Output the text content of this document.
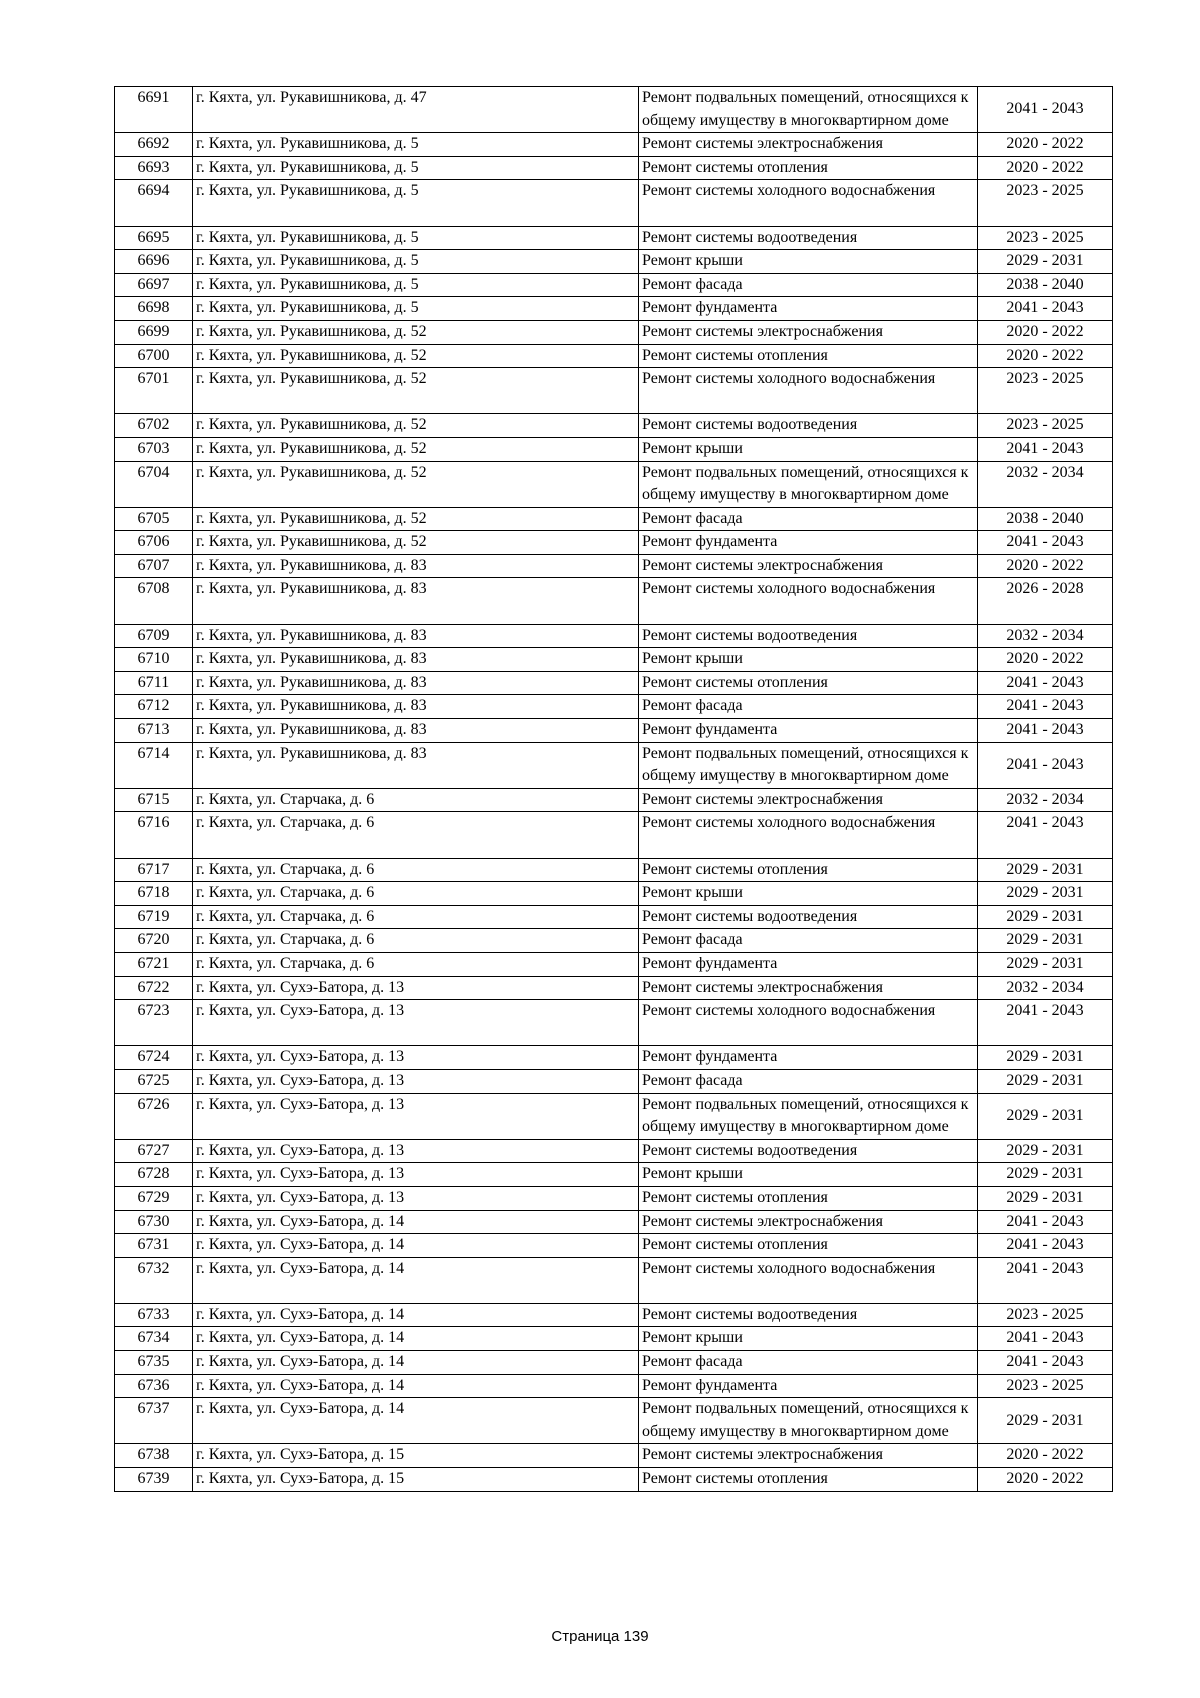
6691	г. Кяхта, ул. Рукавишникова, д. 47	Ремонт подвальных помещений, относящихся к общему имуществу в многоквартирном доме	2041 - 2043
6692	г. Кяхта, ул. Рукавишникова, д. 5	Ремонт системы электроснабжения	2020 - 2022
6693	г. Кяхта, ул. Рукавишникова, д. 5	Ремонт системы отопления	2020 - 2022
6694	г. Кяхта, ул. Рукавишникова, д. 5	Ремонт системы холодного водоснабжения	2023 - 2025
6695	г. Кяхта, ул. Рукавишникова, д. 5	Ремонт системы водоотведения	2023 - 2025
6696	г. Кяхта, ул. Рукавишникова, д. 5	Ремонт крыши	2029 - 2031
6697	г. Кяхта, ул. Рукавишникова, д. 5	Ремонт фасада	2038 - 2040
6698	г. Кяхта, ул. Рукавишникова, д. 5	Ремонт фундамента	2041 - 2043
6699	г. Кяхта, ул. Рукавишникова, д. 52	Ремонт системы электроснабжения	2020 - 2022
6700	г. Кяхта, ул. Рукавишникова, д. 52	Ремонт системы отопления	2020 - 2022
6701	г. Кяхта, ул. Рукавишникова, д. 52	Ремонт системы холодного водоснабжения	2023 - 2025
6702	г. Кяхта, ул. Рукавишникова, д. 52	Ремонт системы водоотведения	2023 - 2025
6703	г. Кяхта, ул. Рукавишникова, д. 52	Ремонт крыши	2041 - 2043
6704	г. Кяхта, ул. Рукавишникова, д. 52	Ремонт подвальных помещений, относящихся к общему имуществу в многоквартирном доме	2032 - 2034
6705	г. Кяхта, ул. Рукавишникова, д. 52	Ремонт фасада	2038 - 2040
6706	г. Кяхта, ул. Рукавишникова, д. 52	Ремонт фундамента	2041 - 2043
6707	г. Кяхта, ул. Рукавишникова, д. 83	Ремонт системы электроснабжения	2020 - 2022
6708	г. Кяхта, ул. Рукавишникова, д. 83	Ремонт системы холодного водоснабжения	2026 - 2028
6709	г. Кяхта, ул. Рукавишникова, д. 83	Ремонт системы водоотведения	2032 - 2034
6710	г. Кяхта, ул. Рукавишникова, д. 83	Ремонт крыши	2020 - 2022
6711	г. Кяхта, ул. Рукавишникова, д. 83	Ремонт системы отопления	2041 - 2043
6712	г. Кяхта, ул. Рукавишникова, д. 83	Ремонт фасада	2041 - 2043
6713	г. Кяхта, ул. Рукавишникова, д. 83	Ремонт фундамента	2041 - 2043
6714	г. Кяхта, ул. Рукавишникова, д. 83	Ремонт подвальных помещений, относящихся к общему имуществу в многоквартирном доме	2041 - 2043
6715	г. Кяхта, ул. Старчака, д. 6	Ремонт системы электроснабжения	2032 - 2034
6716	г. Кяхта, ул. Старчака, д. 6	Ремонт системы холодного водоснабжения	2041 - 2043
6717	г. Кяхта, ул. Старчака, д. 6	Ремонт системы отопления	2029 - 2031
6718	г. Кяхта, ул. Старчака, д. 6	Ремонт крыши	2029 - 2031
6719	г. Кяхта, ул. Старчака, д. 6	Ремонт системы водоотведения	2029 - 2031
6720	г. Кяхта, ул. Старчака, д. 6	Ремонт фасада	2029 - 2031
6721	г. Кяхта, ул. Старчака, д. 6	Ремонт фундамента	2029 - 2031
6722	г. Кяхта, ул. Сухэ-Батора, д. 13	Ремонт системы электроснабжения	2032 - 2034
6723	г. Кяхта, ул. Сухэ-Батора, д. 13	Ремонт системы холодного водоснабжения	2041 - 2043
6724	г. Кяхта, ул. Сухэ-Батора, д. 13	Ремонт фундамента	2029 - 2031
6725	г. Кяхта, ул. Сухэ-Батора, д. 13	Ремонт фасада	2029 - 2031
6726	г. Кяхта, ул. Сухэ-Батора, д. 13	Ремонт подвальных помещений, относящихся к общему имуществу в многоквартирном доме	2029 - 2031
6727	г. Кяхта, ул. Сухэ-Батора, д. 13	Ремонт системы водоотведения	2029 - 2031
6728	г. Кяхта, ул. Сухэ-Батора, д. 13	Ремонт крыши	2029 - 2031
6729	г. Кяхта, ул. Сухэ-Батора, д. 13	Ремонт системы отопления	2029 - 2031
6730	г. Кяхта, ул. Сухэ-Батора, д. 14	Ремонт системы электроснабжения	2041 - 2043
6731	г. Кяхта, ул. Сухэ-Батора, д. 14	Ремонт системы отопления	2041 - 2043
6732	г. Кяхта, ул. Сухэ-Батора, д. 14	Ремонт системы холодного водоснабжения	2041 - 2043
6733	г. Кяхта, ул. Сухэ-Батора, д. 14	Ремонт системы водоотведения	2023 - 2025
6734	г. Кяхта, ул. Сухэ-Батора, д. 14	Ремонт крыши	2041 - 2043
6735	г. Кяхта, ул. Сухэ-Батора, д. 14	Ремонт фасада	2041 - 2043
6736	г. Кяхта, ул. Сухэ-Батора, д. 14	Ремонт фундамента	2023 - 2025
6737	г. Кяхта, ул. Сухэ-Батора, д. 14	Ремонт подвальных помещений, относящихся к общему имуществу в многоквартирном доме	2029 - 2031
6738	г. Кяхта, ул. Сухэ-Батора, д. 15	Ремонт системы электроснабжения	2020 - 2022
6739	г. Кяхта, ул. Сухэ-Батора, д. 15	Ремонт системы отопления	2020 - 2022
Страница 139
